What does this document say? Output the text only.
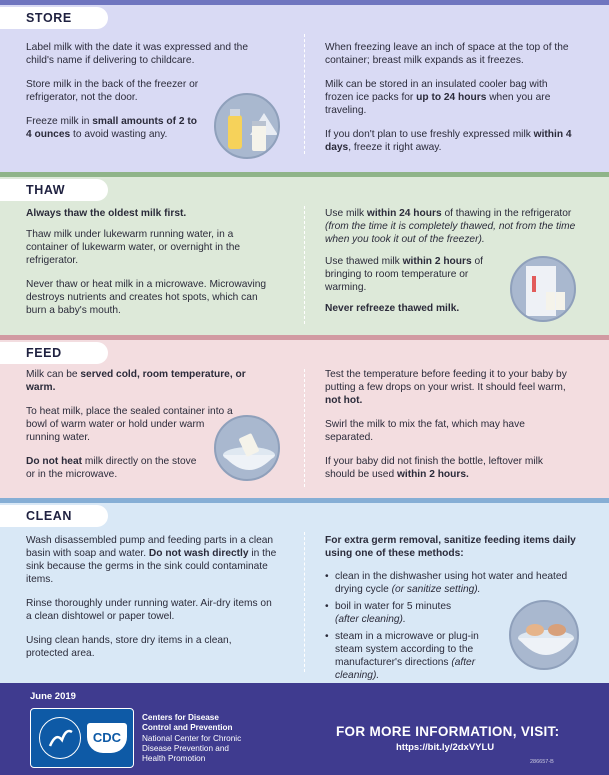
STORE

Label milk with the date it was expressed and the child's name if delivering to childcare.

Store milk in the back of the freezer or refrigerator, not the door.

Freeze milk in small amounts of 2 to 4 ounces to avoid wasting any.

When freezing leave an inch of space at the top of the container; breast milk expands as it freezes.

Milk can be stored in an insulated cooler bag with frozen ice packs for up to 24 hours when you are traveling.

If you don't plan to use freshly expressed milk within 4 days, freeze it right away.

THAW

Always thaw the oldest milk first.

Thaw milk under lukewarm running water, in a container of lukewarm water, or overnight in the refrigerator.

Never thaw or heat milk in a microwave. Microwaving destroys nutrients and creates hot spots, which can burn a baby's mouth.

Use milk within 24 hours of thawing in the refrigerator (from the time it is completely thawed, not from the time when you took it out of the freezer).

Use thawed milk within 2 hours of bringing to room temperature or warming.

Never refreeze thawed milk.

FEED

Milk can be served cold, room temperature, or warm.

To heat milk, place the sealed container into a bowl of warm water or hold under warm running water.

Do not heat milk directly on the stove or in the microwave.

Test the temperature before feeding it to your baby by putting a few drops on your wrist. It should feel warm, not hot.

Swirl the milk to mix the fat, which may have separated.

If your baby did not finish the bottle, leftover milk should be used within 2 hours.

CLEAN

Wash disassembled pump and feeding parts in a clean basin with soap and water. Do not wash directly in the sink because the germs in the sink could contaminate items.

Rinse thoroughly under running water. Air-dry items on a clean dishtowel or paper towel.

Using clean hands, store dry items in a clean, protected area.

For extra germ removal, sanitize feeding items daily using one of these methods:

• clean in the dishwasher using hot water and heated drying cycle (or sanitize setting).
• boil in water for 5 minutes
(after cleaning).
• steam in a microwave or plug-in steam system according to the manufacturer's directions (after cleaning).
June 2019
CDC
Centers for Disease
Control and Prevention
National Center for Chronic
Disease Prevention and
Health Promotion
FOR MORE INFORMATION, VISIT:
https://bit.ly/2dxVYLU
286657-B
